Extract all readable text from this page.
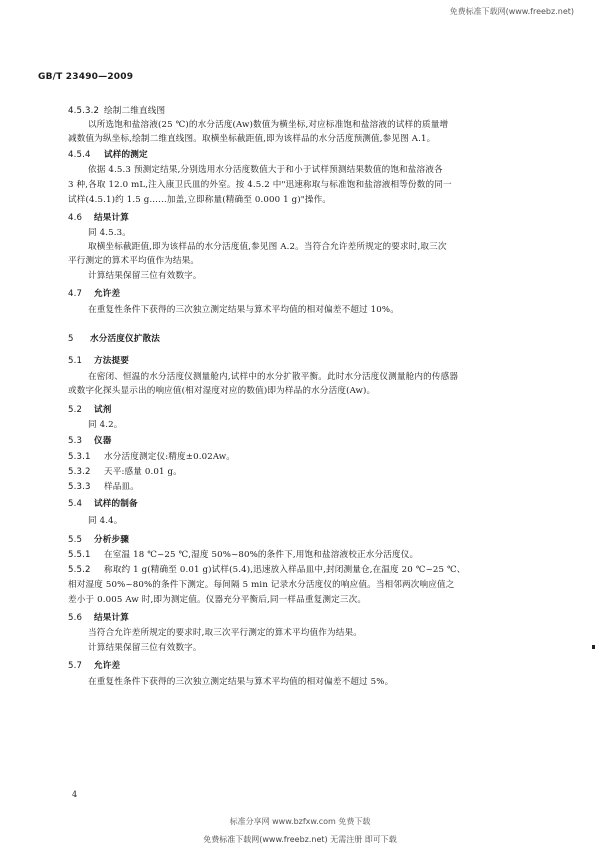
免费标准下载网(www.freebz.net)
GB/T 23490—2009
4.5.3.2 绘制二维直线图
以所选饱和盐溶液(25 ℃)的水分活度(Aw)数值为横坐标,对应标准饱和盐溶液的试样的质量增
减数值为纵坐标,绘制二维直线图。取横坐标截距值,即为该样品的水分活度预测值,参见图 A.1。
4.5.4 试样的测定
依据 4.5.3 预测定结果,分别选用水分活度数值大于和小于试样预测结果数值的饱和盐溶液各
3 种,各取 12.0 mL,注入康卫氏皿的外室。按 4.5.2 中"迅速称取与标准饱和盐溶液相等份数的同一
试样(4.5.1)约 1.5 g……加盖,立即称量(精确至 0.000 1 g)"操作。
4.6 结果计算
同 4.5.3。
取横坐标截距值,即为该样品的水分活度值,参见图 A.2。当符合允许差所规定的要求时,取三次
平行测定的算术平均值作为结果。
计算结果保留三位有效数字。
4.7 允许差
在重复性条件下获得的三次独立测定结果与算术平均值的相对偏差不超过 10%。
5 水分活度仪扩散法
5.1 方法提要
在密闭、恒温的水分活度仪测量舱内,试样中的水分扩散平衡。此时水分活度仪测量舱内的传感器
或数字化探头显示出的响应值(相对湿度对应的数值)即为样品的水分活度(Aw)。
5.2 试剂
同 4.2。
5.3 仪器
5.3.1 水分活度测定仪:精度±0.02Aw。
5.3.2 天平:感量 0.01 g。
5.3.3 样品皿。
5.4 试样的制备
同 4.4。
5.5 分析步骤
5.5.1 在室温 18 ℃~25 ℃,湿度 50%~80%的条件下,用饱和盐溶液校正水分活度仪。
5.5.2 称取约 1 g(精确至 0.01 g)试样(5.4),迅速放入样品皿中,封闭测量仓,在温度 20 ℃~25 ℃、
相对湿度 50%~80%的条件下测定。每间隔 5 min 记录水分活度仪的响应值。当相邻两次响应值之
差小于 0.005 Aw 时,即为测定值。仪器充分平衡后,同一样品重复测定三次。
5.6 结果计算
当符合允许差所规定的要求时,取三次平行测定的算术平均值作为结果。
计算结果保留三位有效数字。
5.7 允许差
在重复性条件下获得的三次独立测定结果与算术平均值的相对偏差不超过 5%。
4
标准分享网 www.bzfxw.com 免费下载
免费标准下载网(www.freebz.net) 无需注册 即可下载
